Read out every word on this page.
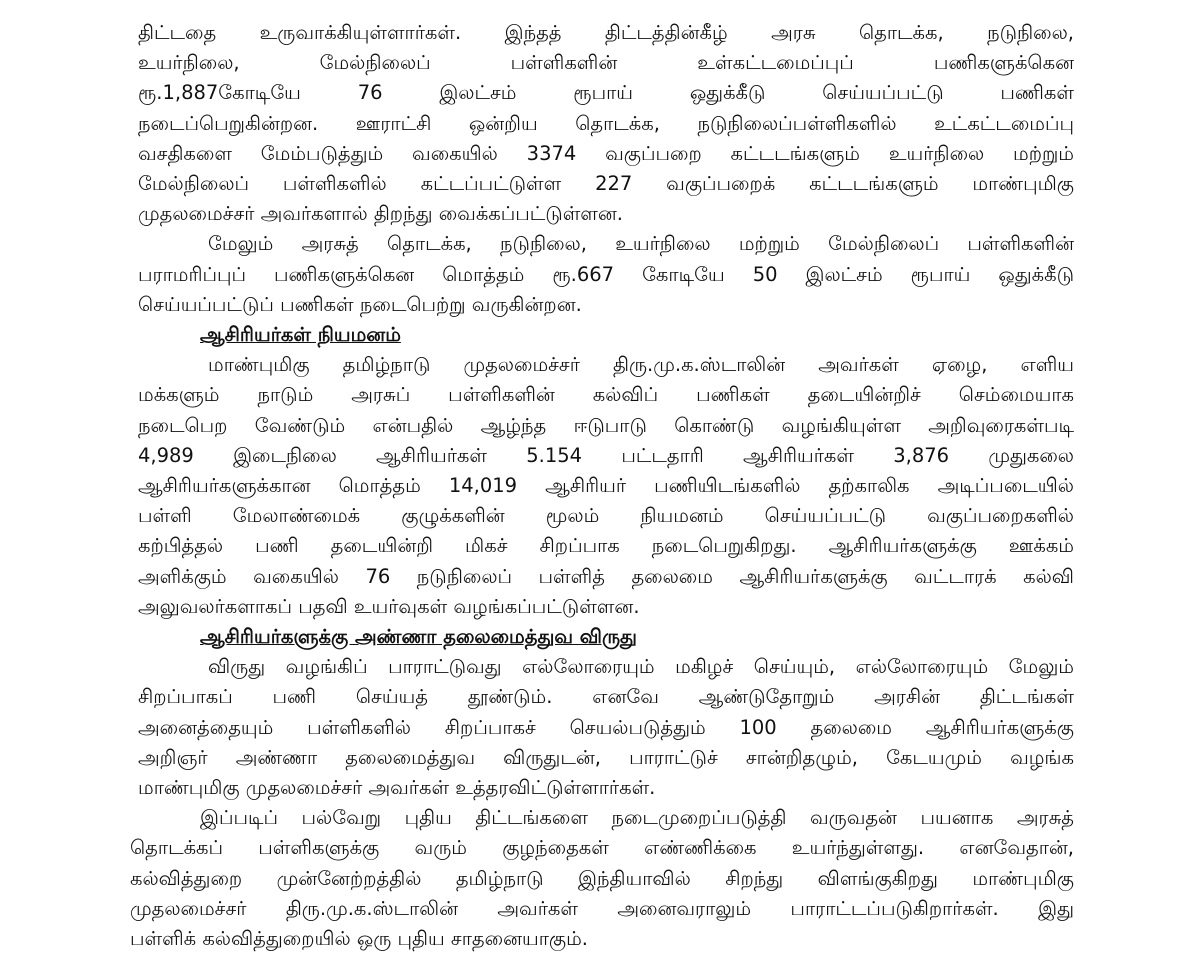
திட்டதை உருவாக்கியுள்ளார்கள். இந்தத் திட்டத்தின்கீழ் அரசு தொடக்க, நடுநிலை,
உயர்நிலை, மேல்நிலைப் பள்ளிகளின் உள்கட்டமைப்புப் பணிகளுக்கென
ரூ.1,887கோடியே 76 இலட்சம் ரூபாய் ஒதுக்கீடு செய்யப்பட்டு பணிகள்
நடைப்பெறுகின்றன. ஊராட்சி ஒன்றிய தொடக்க, நடுநிலைப்பள்ளிகளில் உட்கட்டமைப்பு
வசதிகளை மேம்படுத்தும் வகையில் 3374 வகுப்பறை கட்டடங்களும் உயர்நிலை மற்றும்
மேல்நிலைப் பள்ளிகளில் கட்டப்பட்டுள்ள 227 வகுப்பறைக் கட்டடங்களும் மாண்புமிகு
முதலமைச்சர் அவர்களால் திறந்து வைக்கப்பட்டுள்ளன.
மேலும் அரசுத் தொடக்க, நடுநிலை, உயர்நிலை மற்றும் மேல்நிலைப் பள்ளிகளின்
பராமரிப்புப் பணிகளுக்கென மொத்தம் ரூ.667 கோடியே 50 இலட்சம் ரூபாய் ஒதுக்கீடு
செய்யப்பட்டுப் பணிகள் நடைபெற்று வருகின்றன.
ஆசிரியர்கள் நியமனம்
மாண்புமிகு தமிழ்நாடு முதலமைச்சர் திரு.மு.க.ஸ்டாலின் அவர்கள் ஏழை, எளிய
மக்களும் நாடும் அரசுப் பள்ளிகளின் கல்விப் பணிகள் தடையின்றிச் செம்மையாக
நடைபெற வேண்டும் என்பதில் ஆழ்ந்த ஈடுபாடு கொண்டு வழங்கியுள்ள அறிவுரைகள்படி
4,989 இடைநிலை ஆசிரியர்கள் 5.154 பட்டதாரி ஆசிரியர்கள் 3,876 முதுகலை
ஆசிரியர்களுக்கான மொத்தம் 14,019 ஆசிரியர் பணியிடங்களில் தற்காலிக அடிப்படையில்
பள்ளி மேலாண்மைக் குழுக்களின் மூலம் நியமனம் செய்யப்பட்டு வகுப்பறைகளில்
கற்பித்தல் பணி தடையின்றி மிகச் சிறப்பாக நடைபெறுகிறது. ஆசிரியர்களுக்கு ஊக்கம்
அளிக்கும் வகையில் 76 நடுநிலைப் பள்ளித் தலைமை ஆசிரியர்களுக்கு வட்டாரக் கல்வி
அலுவலர்களாகப் பதவி உயர்வுகள் வழங்கப்பட்டுள்ளன.
ஆசிரியர்களுக்கு அண்ணா தலைமைத்துவ விருது
விருது வழங்கிப் பாராட்டுவது எல்லோரையும் மகிழச் செய்யும், எல்லோரையும் மேலும்
சிறப்பாகப் பணி செய்யத் தூண்டும். எனவே ஆண்டுதோறும் அரசின் திட்டங்கள்
அனைத்தையும் பள்ளிகளில் சிறப்பாகச் செயல்படுத்தும் 100 தலைமை ஆசிரியர்களுக்கு
அறிஞர் அண்ணா தலைமைத்துவ விருதுடன், பாராட்டுச் சான்றிதழும், கேடயமும் வழங்க
மாண்புமிகு முதலமைச்சர் அவர்கள் உத்தரவிட்டுள்ளார்கள்.
இப்படிப் பல்வேறு புதிய திட்டங்களை நடைமுறைப்படுத்தி வருவதன் பயனாக அரசுத்
தொடக்கப் பள்ளிகளுக்கு வரும் குழந்தைகள் எண்ணிக்கை உயர்ந்துள்ளது. எனவேதான்,
கல்வித்துறை முன்னேற்றத்தில் தமிழ்நாடு இந்தியாவில் சிறந்து விளங்குகிறது மாண்புமிகு
முதலமைச்சர் திரு.மு.க.ஸ்டாலின் அவர்கள் அனைவராலும் பாராட்டப்படுகிறார்கள். இது
பள்ளிக் கல்வித்துறையில் ஒரு புதிய சாதனையாகும்.
